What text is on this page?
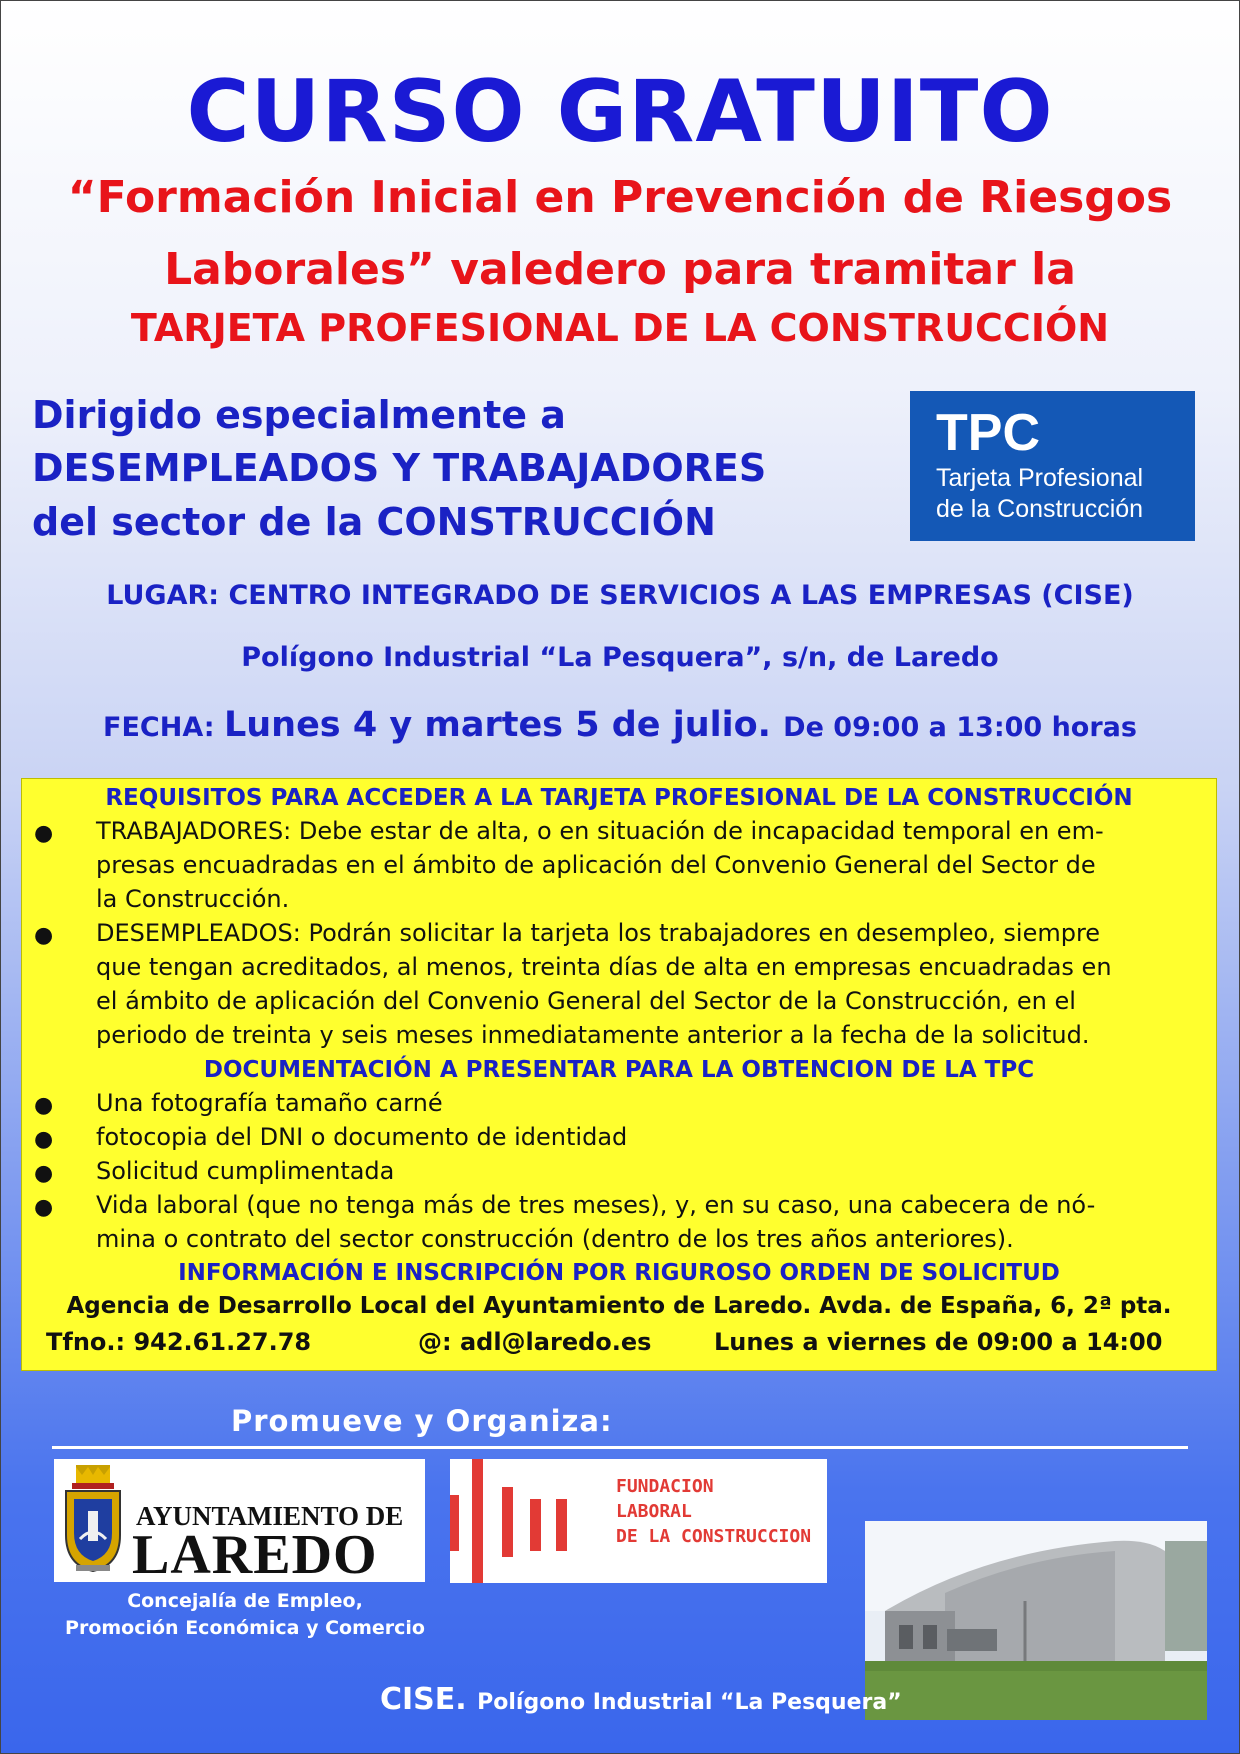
CURSO GRATUITO
“Formación Inicial en Prevención de Riesgos
Laborales” valedero para tramitar la
TARJETA PROFESIONAL DE LA CONSTRUCCIÓN
Dirigido especialmente a
DESEMPLEADOS Y TRABAJADORES
del sector de la CONSTRUCCIÓN
TPC
Tarjeta Profesional
de la Construcción
LUGAR: CENTRO INTEGRADO DE SERVICIOS A LAS EMPRESAS (CISE)
Polígono Industrial “La Pesquera”, s/n, de Laredo
FECHA: Lunes 4 y martes 5 de julio. De 09:00 a 13:00 horas
REQUISITOS PARA ACCEDER A LA TARJETA PROFESIONAL DE LA CONSTRUCCIÓN
● TRABAJADORES: Debe estar de alta, o en situación de incapacidad temporal en em-
presas encuadradas en el ámbito de aplicación del Convenio General del Sector de
la Construcción.
● DESEMPLEADOS: Podrán solicitar la tarjeta los trabajadores en desempleo, siempre
que tengan acreditados, al menos, treinta días de alta en empresas encuadradas en
el ámbito de aplicación del Convenio General del Sector de la Construcción, en el
periodo de treinta y seis meses inmediatamente anterior a la fecha de la solicitud.
DOCUMENTACIÓN A PRESENTAR PARA LA OBTENCION DE LA TPC
● Una fotografía tamaño carné
● fotocopia del DNI o documento de identidad
● Solicitud cumplimentada
● Vida laboral (que no tenga más de tres meses), y, en su caso, una cabecera de nó-
mina o contrato del sector construcción (dentro de los tres años anteriores).
INFORMACIÓN E INSCRIPCIÓN POR RIGUROSO ORDEN DE SOLICITUD
Agencia de Desarrollo Local del Ayuntamiento de Laredo. Avda. de España, 6, 2ª pta.
Tfno.: 942.61.27.78	@: adl@laredo.es	Lunes a viernes de 09:00 a 14:00
Promueve y Organiza:
AYUNTAMIENTO DE
LAREDO
Concejalía de Empleo,
Promoción Económica y Comercio
FUNDACION
LABORAL
DE LA CONSTRUCCION
CISE. Polígono Industrial “La Pesquera”
